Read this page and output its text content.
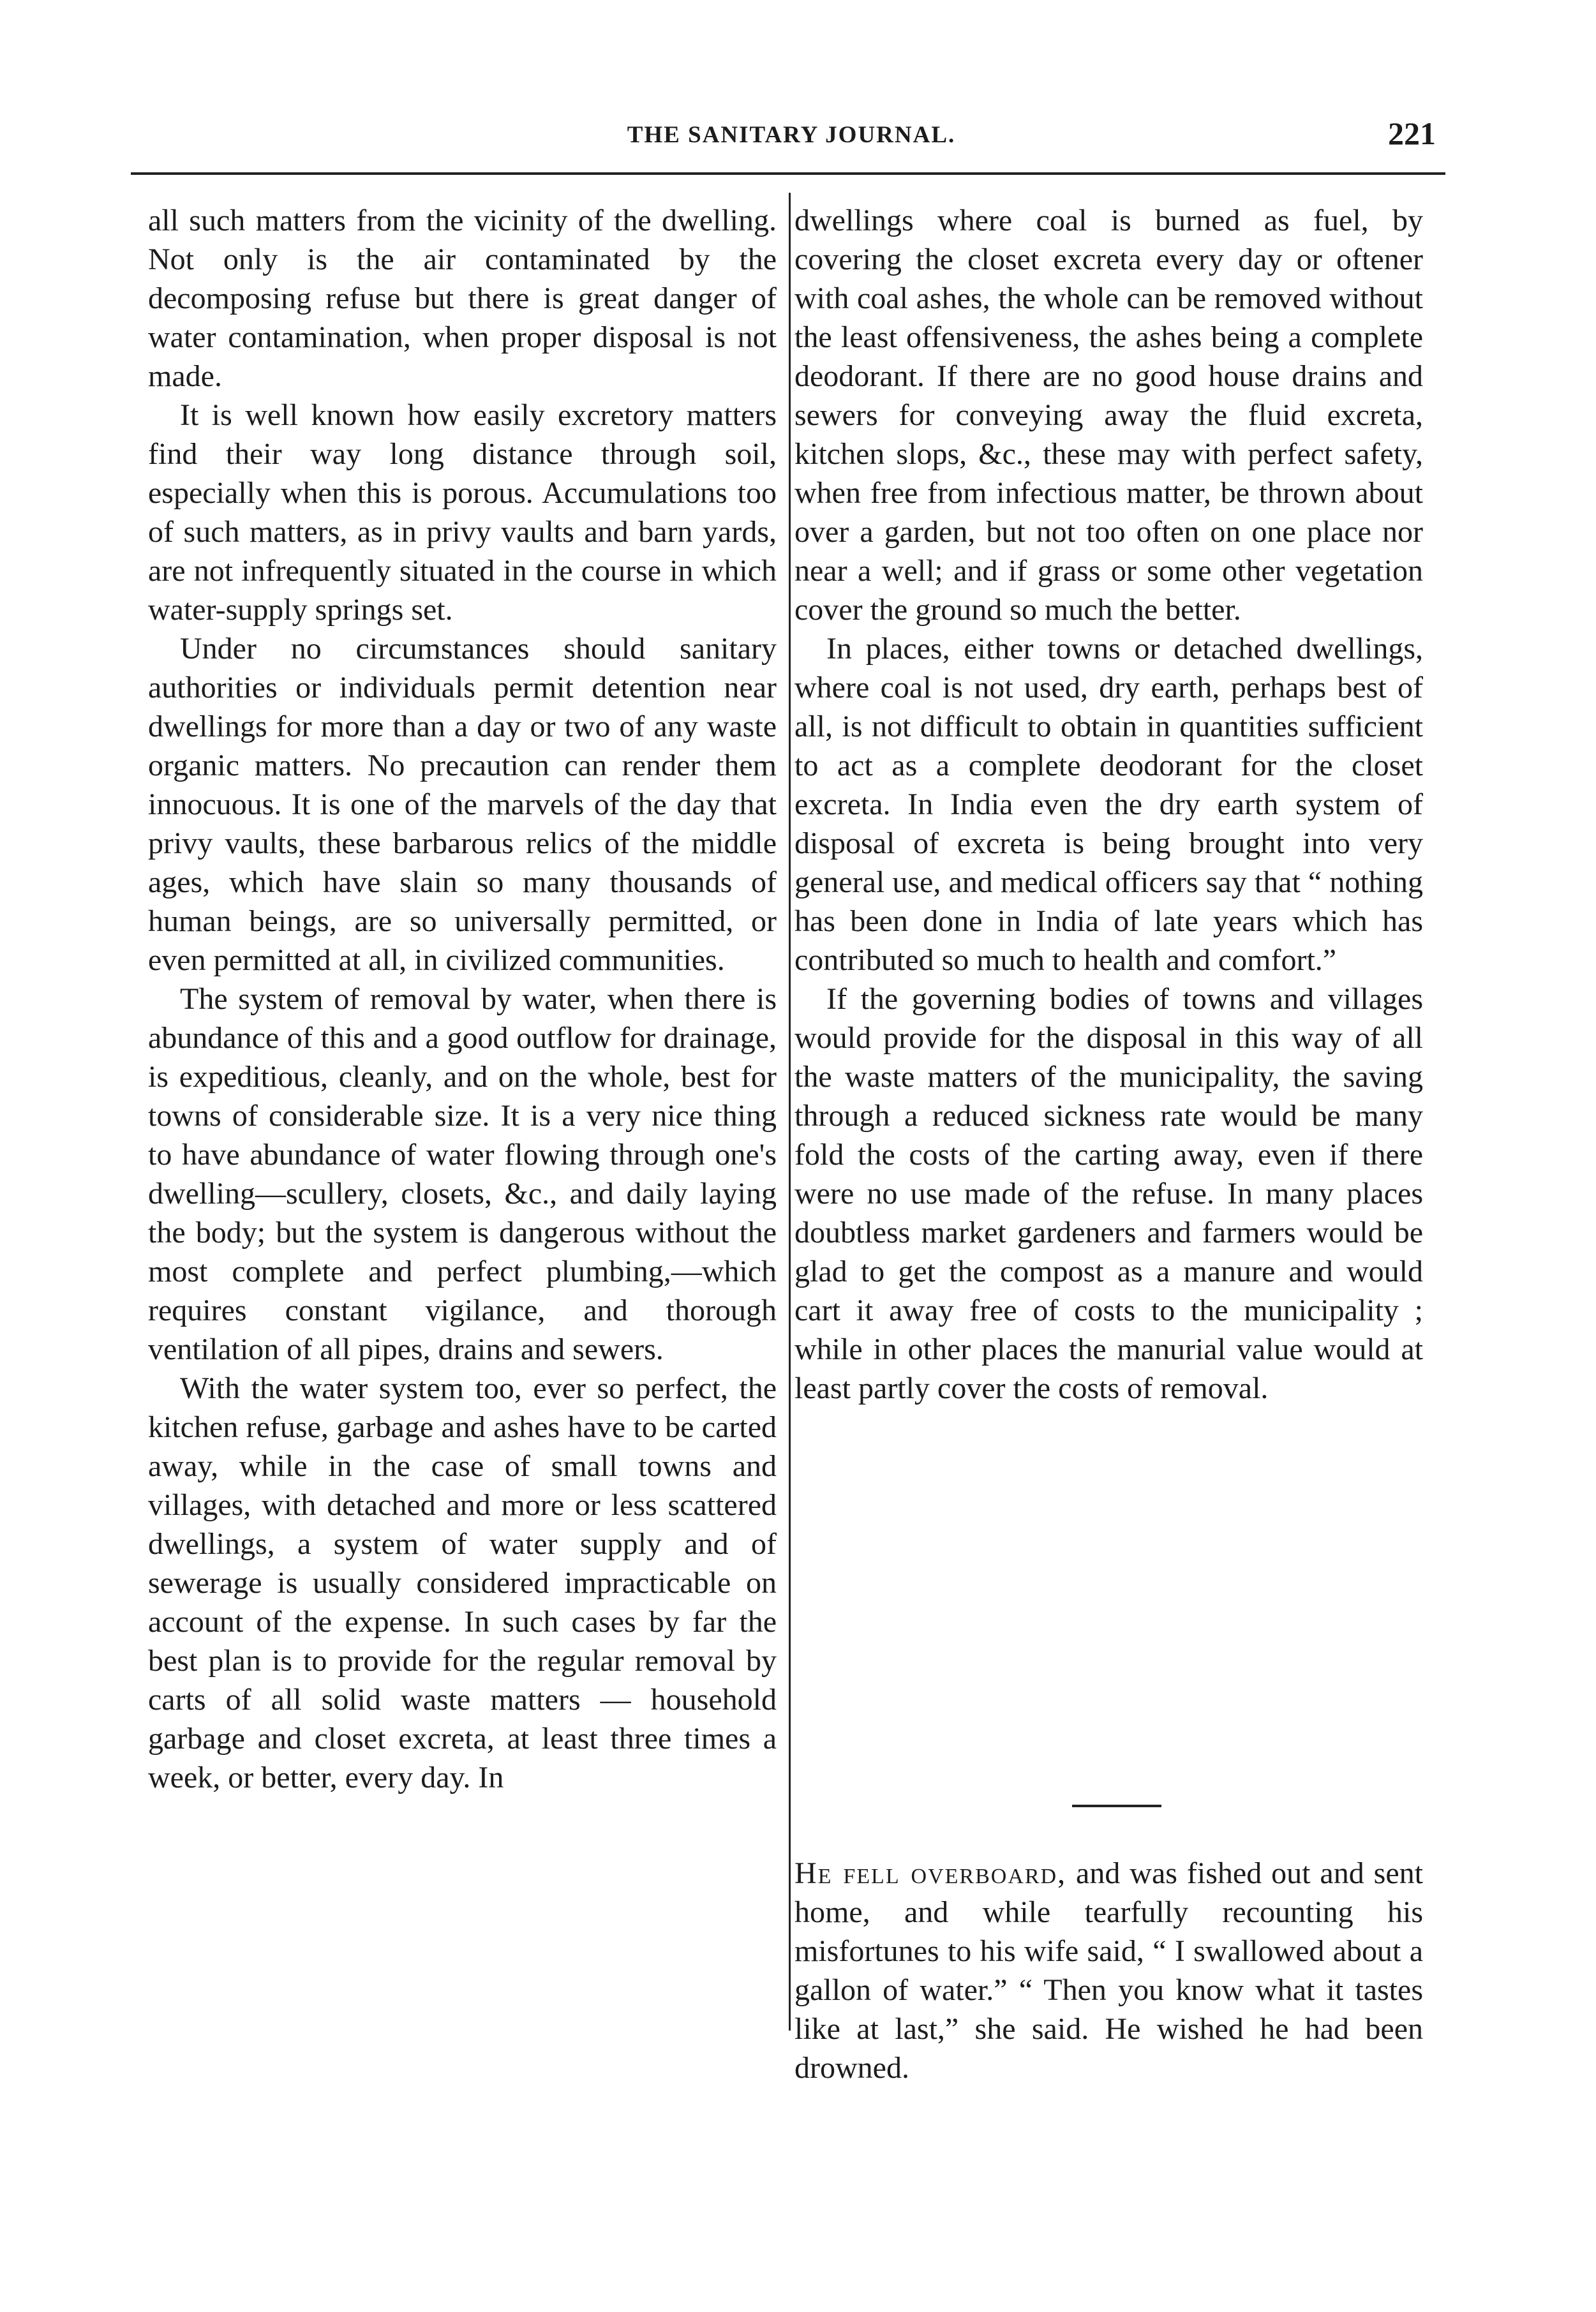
THE SANITARY JOURNAL.	221

all such matters from the vicinity of the dwelling. Not only is the air contaminated by the decomposing refuse but there is great danger of water contamination, when proper disposal is not made.

It is well known how easily excretory matters find their way long distance through soil, especially when this is porous. Accumulations too of such matters, as in privy vaults and barn yards, are not infrequently situated in the course in which water-supply springs set.

Under no circumstances should sanitary authorities or individuals permit detention near dwellings for more than a day or two of any waste organic matters. No precaution can render them innocuous. It is one of the marvels of the day that privy vaults, these barbarous relics of the middle ages, which have slain so many thousands of human beings, are so universally permitted, or even permitted at all, in civilized communities.

The system of removal by water, when there is abundance of this and a good outflow for drainage, is expeditious, cleanly, and on the whole, best for towns of considerable size. It is a very nice thing to have abundance of water flowing through one's dwelling—scullery, closets, &c., and daily laying the body; but the system is dangerous without the most complete and perfect plumbing,—which requires constant vigilance, and thorough ventilation of all pipes, drains and sewers.

With the water system too, ever so perfect, the kitchen refuse, garbage and ashes have to be carted away, while in the case of small towns and villages, with detached and more or less scattered dwellings, a system of water supply and of sewerage is usually considered impracticable on account of the expense. In such cases by far the best plan is to provide for the regular removal by carts of all solid waste matters — household garbage and closet excreta, at least three times a week, or better, every day. In

dwellings where coal is burned as fuel, by covering the closet excreta every day or oftener with coal ashes, the whole can be removed without the least offensiveness, the ashes being a complete deodorant. If there are no good house drains and sewers for conveying away the fluid excreta, kitchen slops, &c., these may with perfect safety, when free from infectious matter, be thrown about over a garden, but not too often on one place nor near a well; and if grass or some other vegetation cover the ground so much the better.

In places, either towns or detached dwellings, where coal is not used, dry earth, perhaps best of all, is not difficult to obtain in quantities sufficient to act as a complete deodorant for the closet excreta. In India even the dry earth system of disposal of excreta is being brought into very general use, and medical officers say that “ nothing has been done in India of late years which has contributed so much to health and comfort.”

If the governing bodies of towns and villages would provide for the disposal in this way of all the waste matters of the municipality, the saving through a reduced sickness rate would be many fold the costs of the carting away, even if there were no use made of the refuse. In many places doubtless market gardeners and farmers would be glad to get the compost as a manure and would cart it away free of costs to the municipality ; while in other places the manurial value would at least partly cover the costs of removal.

He fell overboard, and was fished out and sent home, and while tearfully recounting his misfortunes to his wife said, “ I swallowed about a gallon of water.” “ Then you know what it tastes like at last,” she said. He wished he had been drowned.
